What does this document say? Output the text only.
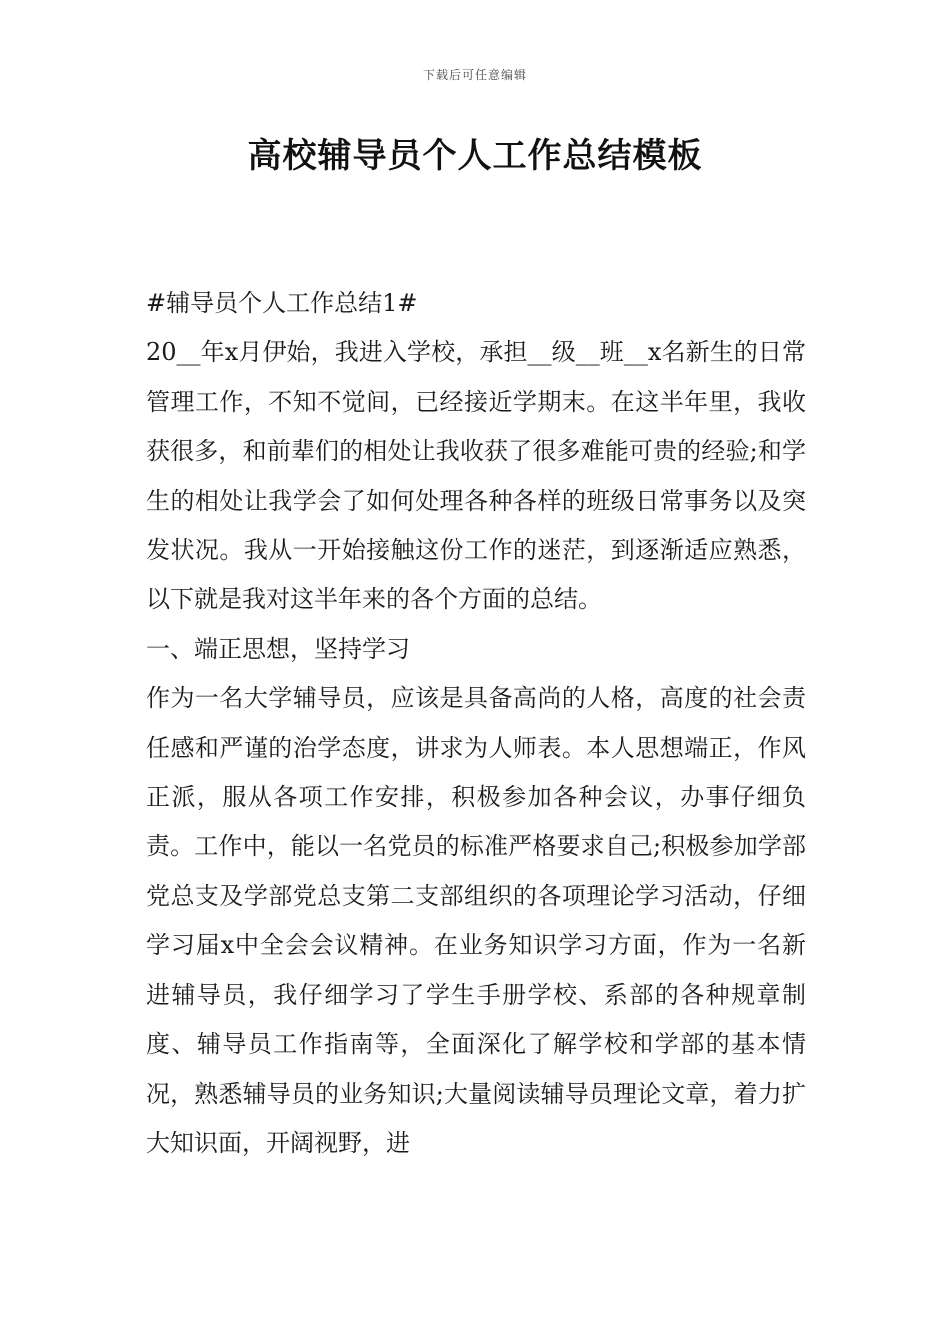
下载后可任意编辑
高校辅导员个人工作总结模板

#辅导员个人工作总结1#

20__年x月伊始，我进入学校，承担__级__班__x名新生的日常管理工作，不知不觉间，已经接近学期末。在这半年里，我收获很多，和前辈们的相处让我收获了很多难能可贵的经验;和学生的相处让我学会了如何处理各种各样的班级日常事务以及突发状况。我从一开始接触这份工作的迷茫，到逐渐适应熟悉，以下就是我对这半年来的各个方面的总结。

一、端正思想，坚持学习

作为一名大学辅导员，应该是具备高尚的人格，高度的社会责任感和严谨的治学态度，讲求为人师表。本人思想端正，作风正派，服从各项工作安排，积极参加各种会议，办事仔细负责。工作中，能以一名党员的标准严格要求自己;积极参加学部党总支及学部党总支第二支部组织的各项理论学习活动，仔细学习届x中全会会议精神。在业务知识学习方面，作为一名新进辅导员，我仔细学习了学生手册学校、系部的各种规章制度、辅导员工作指南等，全面深化了解学校和学部的基本情况，熟悉辅导员的业务知识;大量阅读辅导员理论文章，着力扩大知识面，开阔视野，进
